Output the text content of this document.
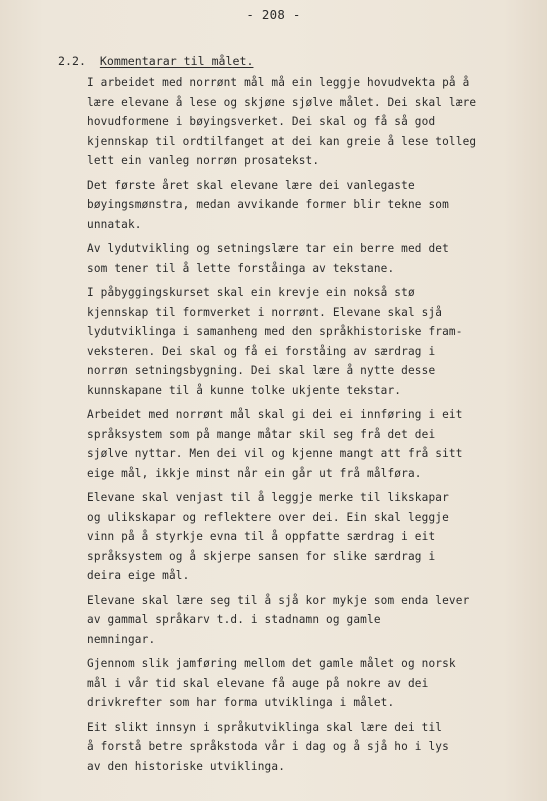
- 208 -
2.2. Kommentarar til målet.
I arbeidet med norrønt mål må ein leggje hovudvekta på å
lære elevane å lese og skjøne sjølve målet. Dei skal lære
hovudformene i bøyingsverket. Dei skal og få så god
kjennskap til ordtilfanget at dei kan greie å lese tolleg
lett ein vanleg norrøn prosatekst.
Det første året skal elevane lære dei vanlegaste
bøyingsmønstra, medan avvikande former blir tekne som
unnatak.
Av lydutvikling og setningslære tar ein berre med det
som tener til å lette forståinga av tekstane.
I påbyggingskurset skal ein krevje ein nokså stø
kjennskap til formverket i norrønt. Elevane skal sjå
lydutviklinga i samanheng med den språkhistoriske fram-
veksteren. Dei skal og få ei forståing av særdrag i
norrøn setningsbygning. Dei skal lære å nytte desse
kunnskapane til å kunne tolke ukjente tekstar.
Arbeidet med norrønt mål skal gi dei ei innføring i eit
språksystem som på mange måtar skil seg frå det dei
sjølve nyttar. Men dei vil og kjenne mangt att frå sitt
eige mål, ikkje minst når ein går ut frå målføra.
Elevane skal venjast til å leggje merke til likskapar
og ulikskapar og reflektere over dei. Ein skal leggje
vinn på å styrkje evna til å oppfatte særdrag i eit
språksystem og å skjerpe sansen for slike særdrag i
deira eige mål.
Elevane skal lære seg til å sjå kor mykje som enda lever
av gammal språkarv t.d. i stadnamn og gamle
nemningar.
Gjennom slik jamføring mellom det gamle målet og norsk
mål i vår tid skal elevane få auge på nokre av dei
drivkrefter som har forma utviklinga i målet.
Eit slikt innsyn i språkutviklinga skal lære dei til
å forstå betre språkstoda vår i dag og å sjå ho i lys
av den historiske utviklinga.
